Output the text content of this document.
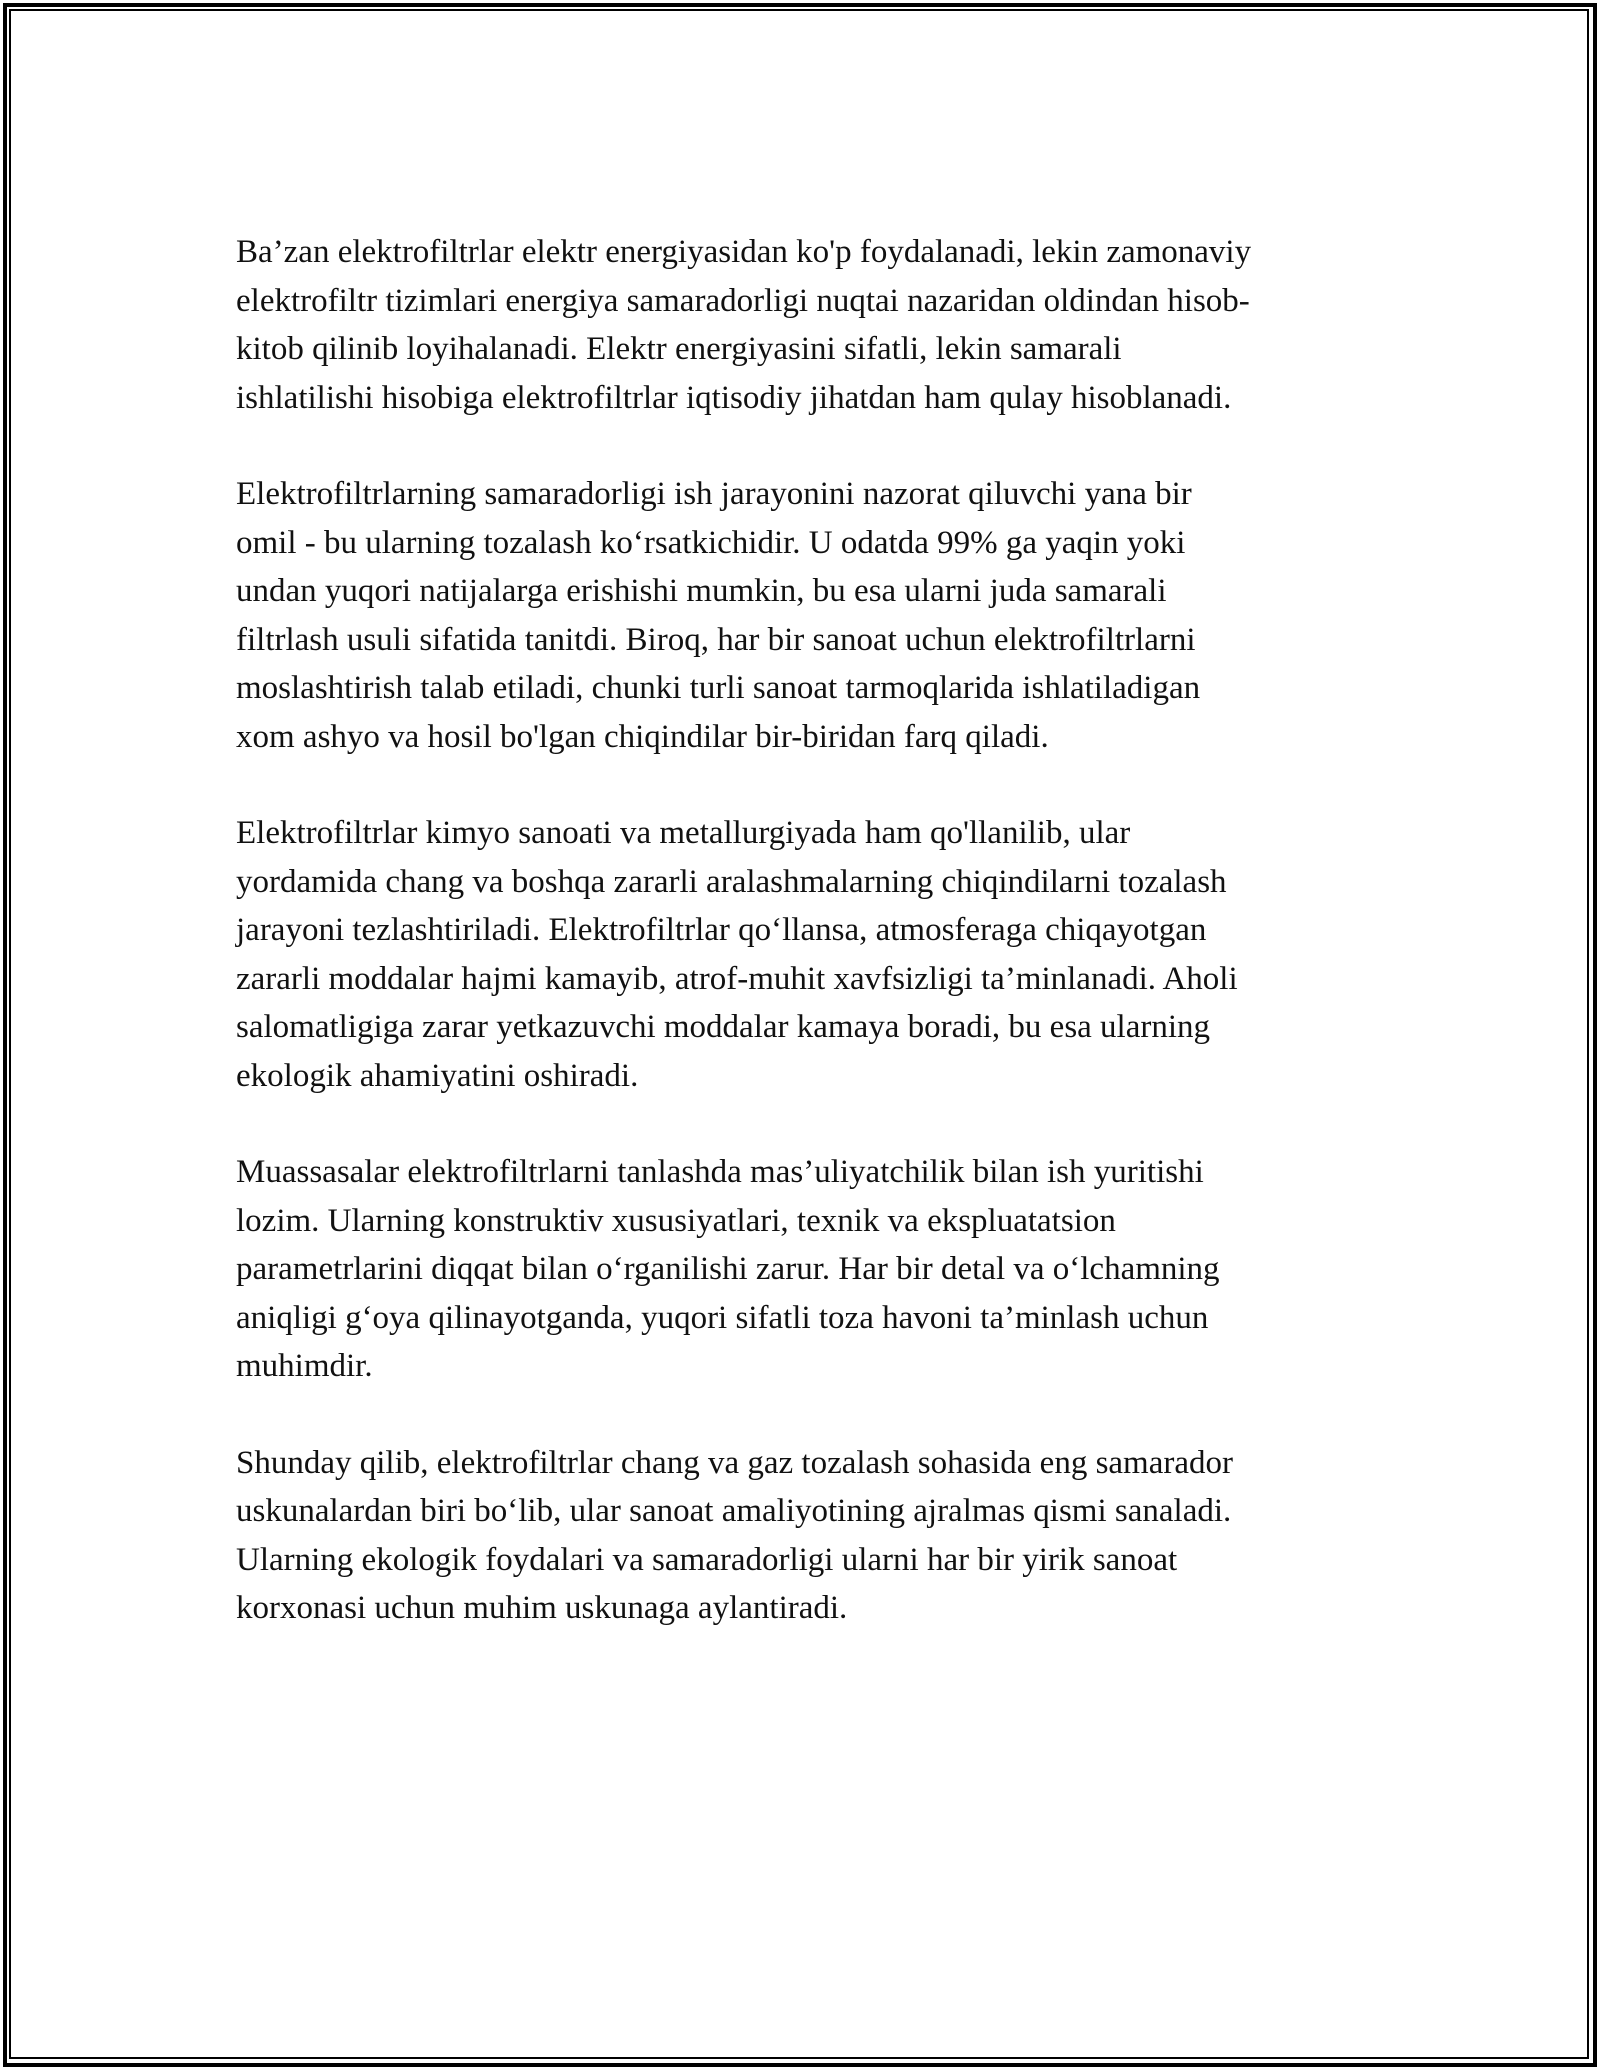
Ba’zan elektrofiltrlar elektr energiyasidan ko'p foydalanadi, lekin zamonaviy
elektrofiltr tizimlari energiya samaradorligi nuqtai nazaridan oldindan hisob-
kitob qilinib loyihalanadi. Elektr energiyasini sifatli, lekin samarali
ishlatilishi hisobiga elektrofiltrlar iqtisodiy jihatdan ham qulay hisoblanadi.

Elektrofiltrlarning samaradorligi ish jarayonini nazorat qiluvchi yana bir
omil - bu ularning tozalash ko‘rsatkichidir. U odatda 99% ga yaqin yoki
undan yuqori natijalarga erishishi mumkin, bu esa ularni juda samarali
filtrlash usuli sifatida tanitdi. Biroq, har bir sanoat uchun elektrofiltrlarni
moslashtirish talab etiladi, chunki turli sanoat tarmoqlarida ishlatiladigan
xom ashyo va hosil bo'lgan chiqindilar bir-biridan farq qiladi.

Elektrofiltrlar kimyo sanoati va metallurgiyada ham qo'llanilib, ular
yordamida chang va boshqa zararli aralashmalarning chiqindilarni tozalash
jarayoni tezlashtiriladi. Elektrofiltrlar qo‘llansa, atmosferaga chiqayotgan
zararli moddalar hajmi kamayib, atrof-muhit xavfsizligi ta’minlanadi. Aholi
salomatligiga zarar yetkazuvchi moddalar kamaya boradi, bu esa ularning
ekologik ahamiyatini oshiradi.

Muassasalar elektrofiltrlarni tanlashda mas’uliyatchilik bilan ish yuritishi
lozim. Ularning konstruktiv xususiyatlari, texnik va ekspluatatsion
parametrlarini diqqat bilan o‘rganilishi zarur. Har bir detal va o‘lchamning
aniqligi g‘oya qilinayotganda, yuqori sifatli toza havoni ta’minlash uchun
muhimdir.

Shunday qilib, elektrofiltrlar chang va gaz tozalash sohasida eng samarador
uskunalardan biri bo‘lib, ular sanoat amaliyotining ajralmas qismi sanaladi.
Ularning ekologik foydalari va samaradorligi ularni har bir yirik sanoat
korxonasi uchun muhim uskunaga aylantiradi.
